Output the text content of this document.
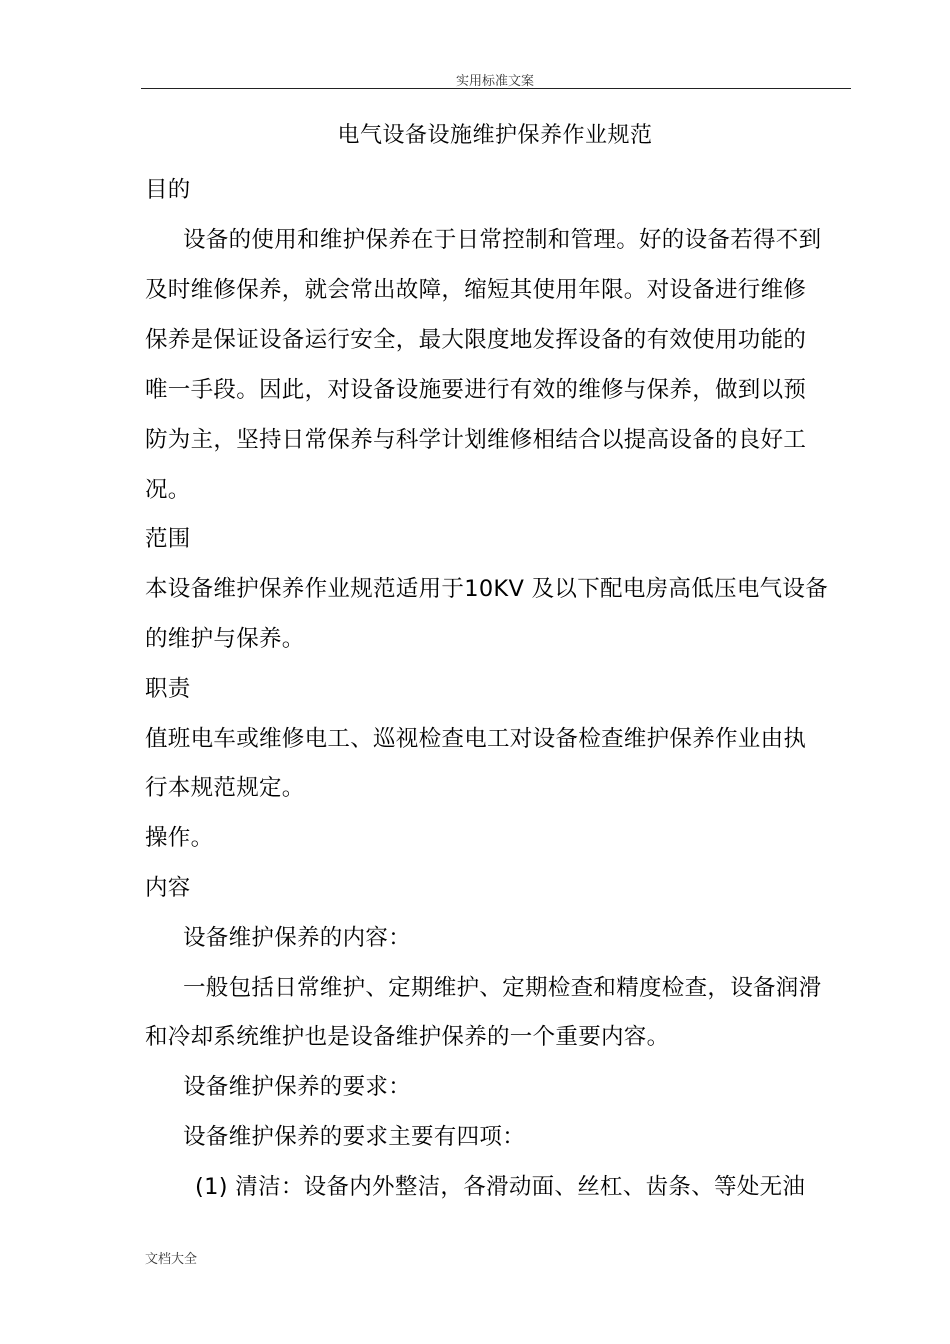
实用标准文案
电气设备设施维护保养作业规范
目的
设备的使用和维护保养在于日常控制和管理。好的设备若得不到
及时维修保养，就会常出故障，缩短其使用年限。对设备进行维修
保养是保证设备运行安全，最大限度地发挥设备的有效使用功能的
唯一手段。因此，对设备设施要进行有效的维修与保养，做到以预
防为主，坚持日常保养与科学计划维修相结合以提高设备的良好工
况。
范围
本设备维护保养作业规范适用于10KV 及以下配电房高低压电气设备
的维护与保养。
职责
值班电车或维修电工、巡视检查电工对设备检查维护保养作业由执
行本规范规定。
操作。
内容
设备维护保养的内容：
一般包括日常维护、定期维护、定期检查和精度检查，设备润滑
和冷却系统维护也是设备维护保养的一个重要内容。
设备维护保养的要求：
设备维护保养的要求主要有四项：
(1) 清洁：设备内外整洁，各滑动面、丝杠、齿条、等处无油
文档大全
